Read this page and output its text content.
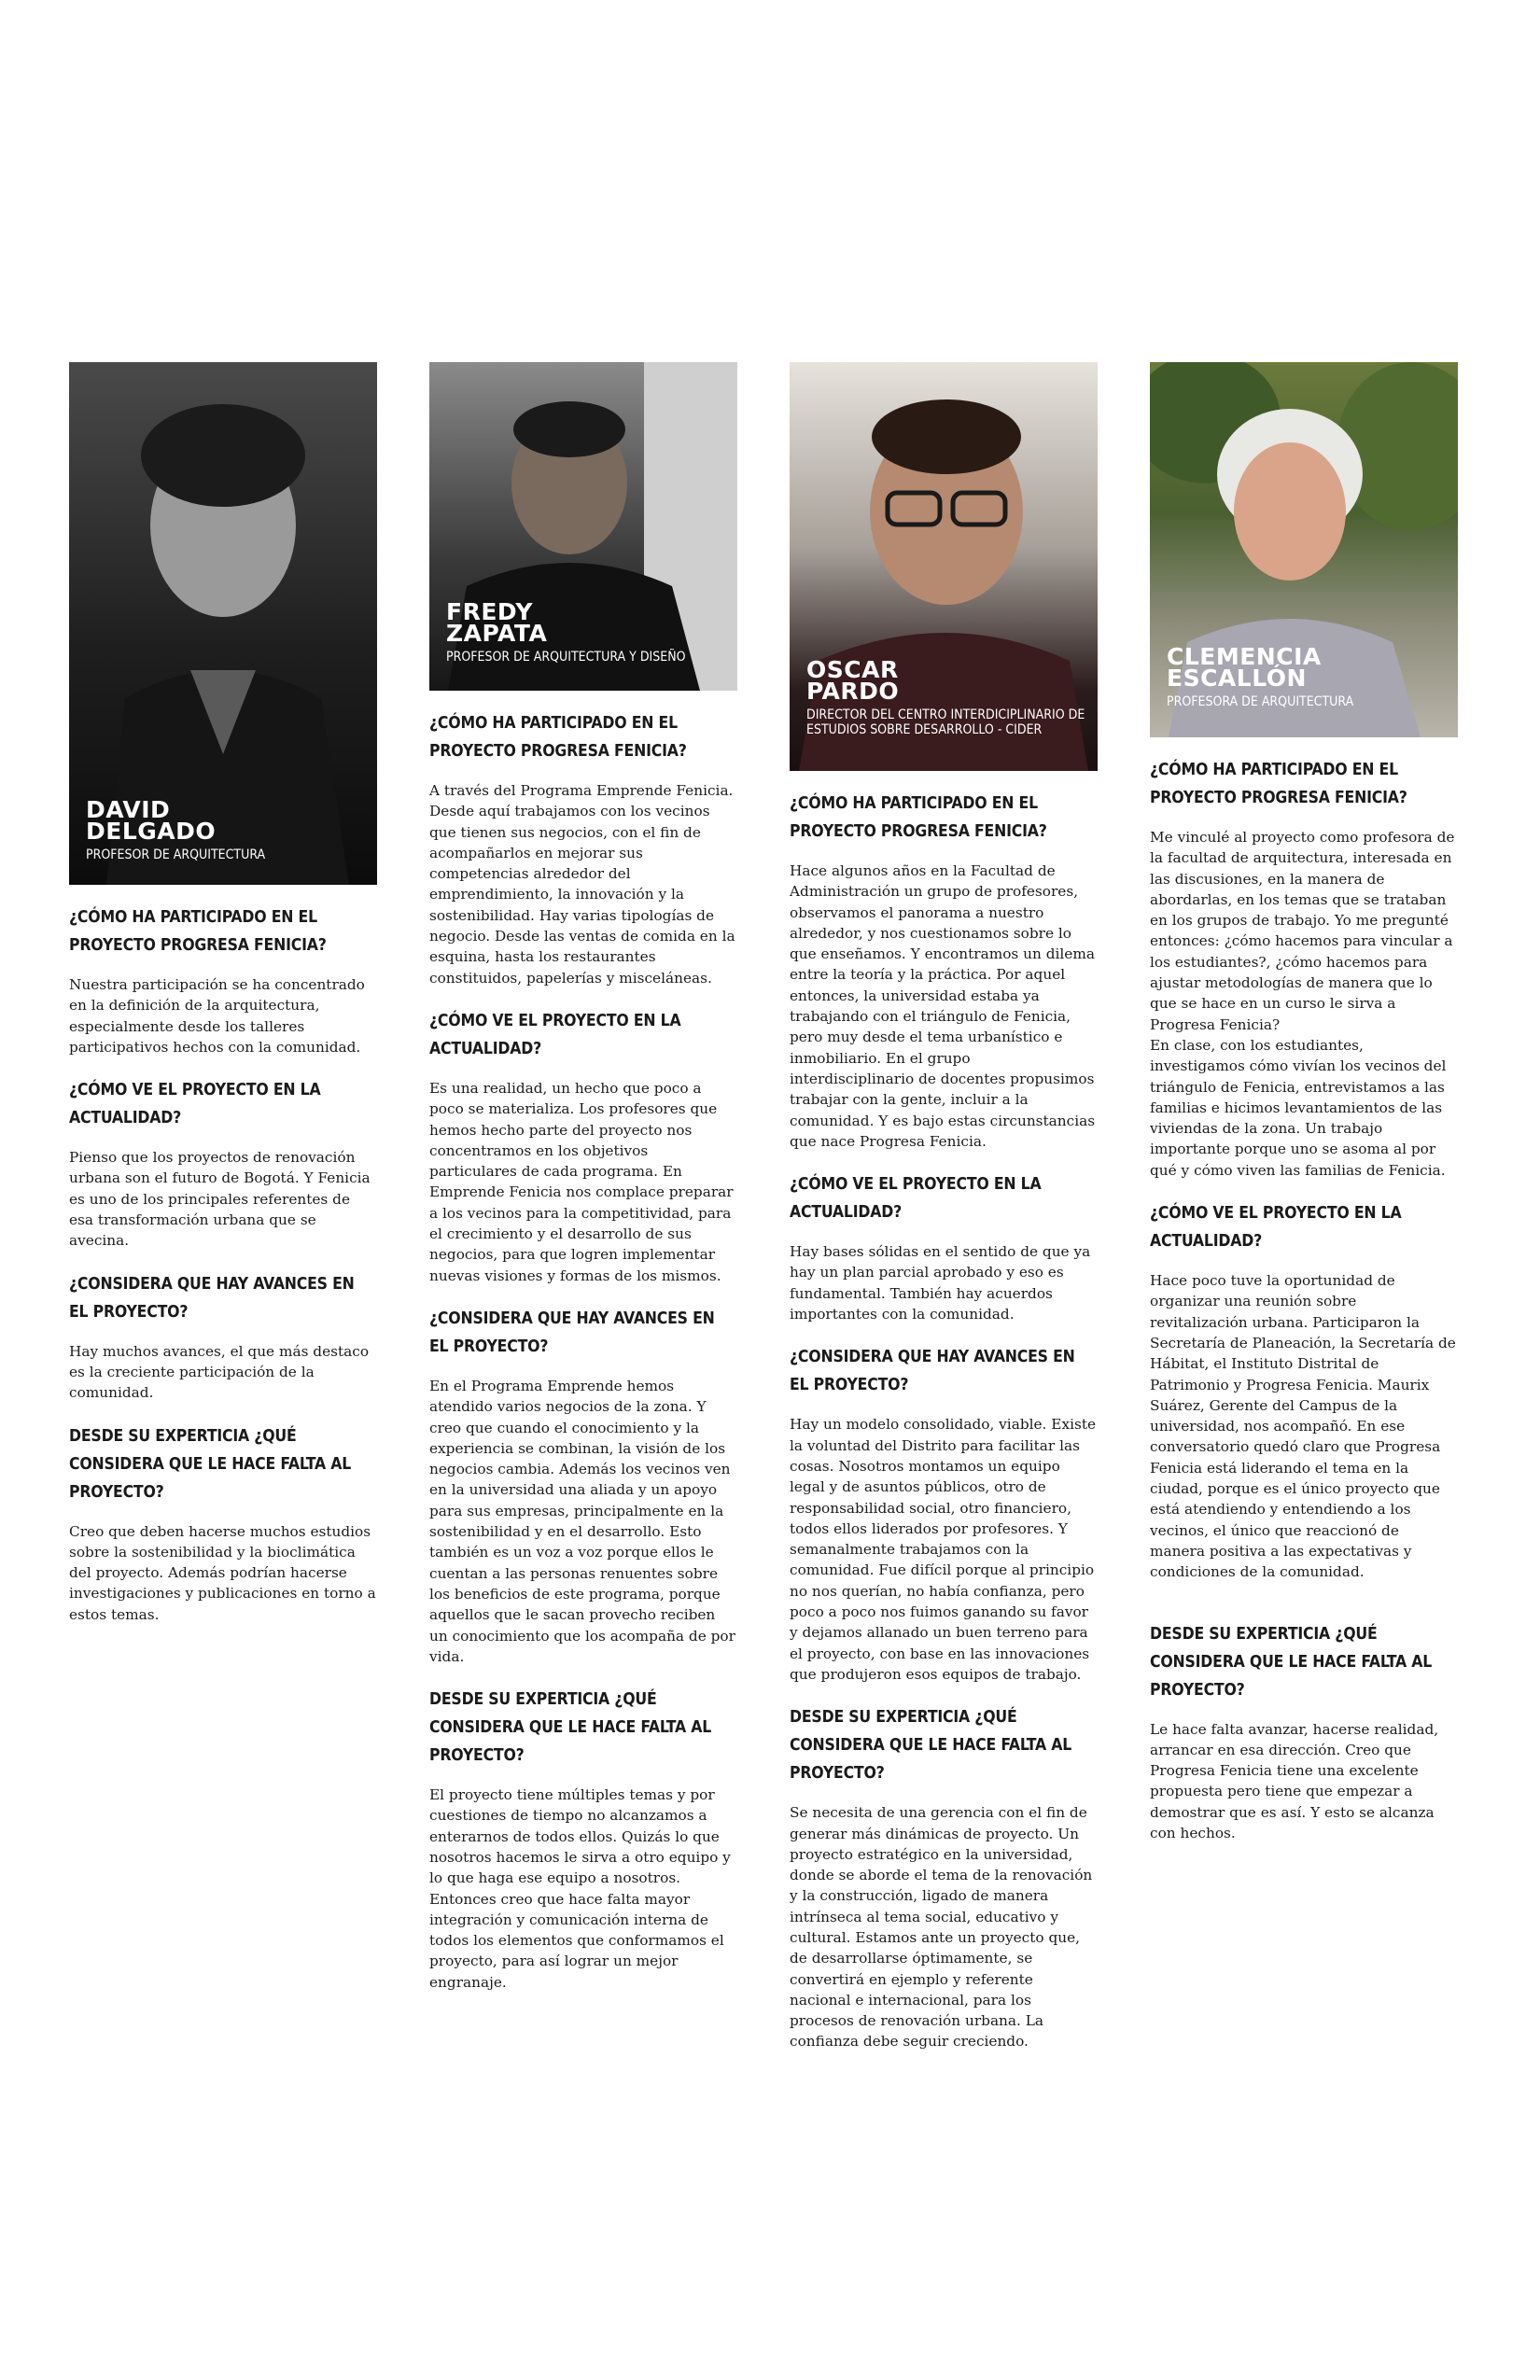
DAVID DELGADO
PROFESOR DE ARQUITECTURA
¿CÓMO HA PARTICIPADO EN EL PROYECTO PROGRESA FENICIA?
Nuestra participación se ha concentrado en la definición de la arquitectura, especialmente desde los talleres participativos hechos con la comunidad.
¿CÓMO VE EL PROYECTO EN LA ACTUALIDAD?
Pienso que los proyectos de renovación urbana son el futuro de Bogotá. Y Fenicia es uno de los principales referentes de esa transformación urbana que se avecina.
¿CONSIDERA QUE HAY AVANCES EN EL PROYECTO?
Hay muchos avances, el que más destaco es la creciente participación de la comunidad.
DESDE SU EXPERTICIA ¿QUÉ CONSIDERA QUE LE HACE FALTA AL PROYECTO?
Creo que deben hacerse muchos estudios sobre la sostenibilidad y la bioclimática del proyecto. Además podrían hacerse investigaciones y publicaciones en torno a estos temas.
FREDY ZAPATA
PROFESOR DE ARQUITECTURA Y DISEÑO
¿CÓMO HA PARTICIPADO EN EL PROYECTO PROGRESA FENICIA?
A través del Programa Emprende Fenicia. Desde aquí trabajamos con los vecinos que tienen sus negocios, con el fin de acompañarlos en mejorar sus competencias alrededor del emprendimiento, la innovación y la sostenibilidad. Hay varias tipologías de negocio. Desde las ventas de comida en la esquina, hasta los restaurantes constituidos, papelerías y misceláneas.
¿CÓMO VE EL PROYECTO EN LA ACTUALIDAD?
Es una realidad, un hecho que poco a poco se materializa. Los profesores que hemos hecho parte del proyecto nos concentramos en los objetivos particulares de cada programa. En Emprende Fenicia nos complace preparar a los vecinos para la competitividad, para el crecimiento y el desarrollo de sus negocios, para que logren implementar nuevas visiones y formas de los mismos.
¿CONSIDERA QUE HAY AVANCES EN EL PROYECTO?
En el Programa Emprende hemos atendido varios negocios de la zona. Y creo que cuando el conocimiento y la experiencia se combinan, la visión de los negocios cambia. Además los vecinos ven en la universidad una aliada y un apoyo para sus empresas, principalmente en la sostenibilidad y en el desarrollo. Esto también es un voz a voz porque ellos le cuentan a las personas renuentes sobre los beneficios de este programa, porque aquellos que le sacan provecho reciben un conocimiento que los acompaña de por vida.
DESDE SU EXPERTICIA ¿QUÉ CONSIDERA QUE LE HACE FALTA AL PROYECTO?
El proyecto tiene múltiples temas y por cuestiones de tiempo no alcanzamos a enterarnos de todos ellos. Quizás lo que nosotros hacemos le sirva a otro equipo y lo que haga ese equipo a nosotros. Entonces creo que hace falta mayor integración y comunicación interna de todos los elementos que conformamos el proyecto, para así lograr un mejor engranaje.
OSCAR PARDO
DIRECTOR DEL CENTRO INTERDICIPLINARIO DE ESTUDIOS SOBRE DESARROLLO - CIDER
¿CÓMO HA PARTICIPADO EN EL PROYECTO PROGRESA FENICIA?
Hace algunos años en la Facultad de Administración un grupo de profesores, observamos el panorama a nuestro alrededor, y nos cuestionamos sobre lo que enseñamos. Y encontramos un dilema entre la teoría y la práctica. Por aquel entonces, la universidad estaba ya trabajando con el triángulo de Fenicia, pero muy desde el tema urbanístico e inmobiliario. En el grupo interdisciplinario de docentes propusimos trabajar con la gente, incluir a la comunidad. Y es bajo estas circunstancias que nace Progresa Fenicia.
¿CÓMO VE EL PROYECTO EN LA ACTUALIDAD?
Hay bases sólidas en el sentido de que ya hay un plan parcial aprobado y eso es fundamental. También hay acuerdos importantes con la comunidad.
¿CONSIDERA QUE HAY AVANCES EN EL PROYECTO?
Hay un modelo consolidado, viable. Existe la voluntad del Distrito para facilitar las cosas. Nosotros montamos un equipo legal y de asuntos públicos, otro de responsabilidad social, otro financiero, todos ellos liderados por profesores. Y semanalmente trabajamos con la comunidad. Fue difícil porque al principio no nos querían, no había confianza, pero poco a poco nos fuimos ganando su favor y dejamos allanado un buen terreno para el proyecto, con base en las innovaciones que produjeron esos equipos de trabajo.
DESDE SU EXPERTICIA ¿QUÉ CONSIDERA QUE LE HACE FALTA AL PROYECTO?
Se necesita de una gerencia con el fin de generar más dinámicas de proyecto. Un proyecto estratégico en la universidad, donde se aborde el tema de la renovación y la construcción, ligado de manera intrínseca al tema social, educativo y cultural. Estamos ante un proyecto que, de desarrollarse óptimamente, se convertirá en ejemplo y referente nacional e internacional, para los procesos de renovación urbana. La confianza debe seguir creciendo.
CLEMENCIA ESCALLÓN
PROFESORA DE ARQUITECTURA
¿CÓMO HA PARTICIPADO EN EL PROYECTO PROGRESA FENICIA?
Me vinculé al proyecto como profesora de la facultad de arquitectura, interesada en las discusiones, en la manera de abordarlas, en los temas que se trataban en los grupos de trabajo. Yo me pregunté entonces: ¿cómo hacemos para vincular a los estudiantes?, ¿cómo hacemos para ajustar metodologías de manera que lo que se hace en un curso le sirva a Progresa Fenicia?
En clase, con los estudiantes, investigamos cómo vivían los vecinos del triángulo de Fenicia, entrevistamos a las familias e hicimos levantamientos de las viviendas de la zona. Un trabajo importante porque uno se asoma al por qué y cómo viven las familias de Fenicia.
¿CÓMO VE EL PROYECTO EN LA ACTUALIDAD?
Hace poco tuve la oportunidad de organizar una reunión sobre revitalización urbana. Participaron la Secretaría de Planeación, la Secretaría de Hábitat, el Instituto Distrital de Patrimonio y Progresa Fenicia. Maurix Suárez, Gerente del Campus de la universidad, nos acompañó. En ese conversatorio quedó claro que Progresa Fenicia está liderando el tema en la ciudad, porque es el único proyecto que está atendiendo y entendiendo a los vecinos, el único que reaccionó de manera positiva a las expectativas y condiciones de la comunidad.
DESDE SU EXPERTICIA ¿QUÉ CONSIDERA QUE LE HACE FALTA AL PROYECTO?
Le hace falta avanzar, hacerse realidad, arrancar en esa dirección. Creo que Progresa Fenicia tiene una excelente propuesta pero tiene que empezar a demostrar que es así. Y esto se alcanza con hechos.
